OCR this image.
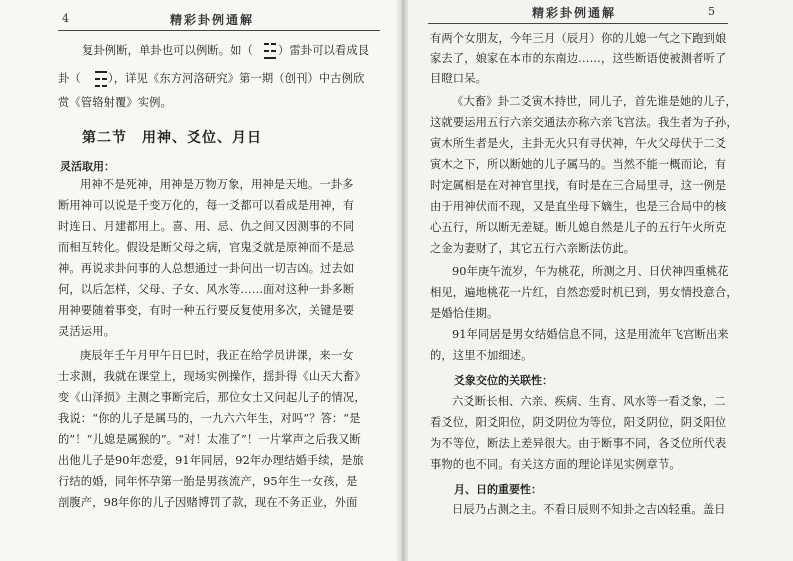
4	精彩卦例通解
复卦例断，单卦也可以例断。如（ ）雷卦可以看成艮
卦（ ），详见《东方河洛研究》第一期（创刊）中古例欣
赏《管辂射覆》实例。
第二节　用神、爻位、月日
灵活取用：
用神不是死神，用神是万物万象，用神是天地。一卦多
断用神可以说是千变万化的，每一爻都可以看成是用神，有
时连日、月建都用上。喜、用、忌、仇之间又因测事的不同
而相互转化。假设是断父母之病，官鬼爻就是原神而不是忌
神。再说求卦问事的人总想通过一卦问出一切吉凶。过去如
何，以后怎样，父母、子女、风水等……面对这种一卦多断
用神要随着事变，有时一种五行要反复使用多次，关键是要
灵活运用。
庚辰年壬午月甲午日巳时，我正在给学员讲课，来一女
士求测，我就在课堂上，现场实例操作，揺卦得《山天大畜》
变《山泽损》主测之事断完后，那位女士又问起儿子的情况，
我说：“你的儿子是属马的，一九六六年生，对吗”？答：“是
的”！“儿媳是属猴的”。“对！太准了”！一片掌声之后我又断
出他儿子是90年恋爱，91年同居，92年办理结婚手续，是旅
行结的婚，同年怀孕第一胎是男孩流产，95年生一女孩，是
剖腹产，98年你的儿子因赌博罚了款，现在不务正业，外面
精彩卦例通解	5
有两个女朋友，今年三月（辰月）你的儿媳一气之下跑到娘
家去了，娘家在本市的东南边……，这些断语使被测者听了
目瞪口呆。
《大畜》卦二爻寅木持世，同儿子，首先谁是她的儿子，
这就要运用五行六亲交通法亦称六亲飞宫法。我生者为子孙，
寅木所生者是火，主卦无火只有寻伏神，午火父母伏于二爻
寅木之下，所以断她的儿子属马的。当然不能一概而论，有
时定属相是在对神官里找，有时是在三合局里寻，这一例是
由于用神伏而不现，又是直坐母下嫡生，也是三合局中的核
心五行，所以断无差疑。断儿媳自然是儿子的五行午火所克
之金为妻财了，其它五行六亲断法仿此。
90年庚午流岁，午为桃花，所测之月、日伏神四重桃花
相见，遍地桃花一片红，自然恋爱时机已到，男女情投意合，
是婚恰佳期。
91年同居是男女结婚信息不同，这是用流年飞宫断出来
的，这里不加细述。
爻象交位的关联性：
六爻断长相、六亲、疾病、生育、风水等一看爻象，二
看爻位，阳爻阳位，阴爻阴位为等位，阳爻阴位，阴爻阳位
为不等位，断法上差异很大。由于断事不同，各爻位所代表
事物的也不同。有关这方面的理论详见实例章节。
月、日的重要性：
日辰乃占测之主。不看日辰则不知卦之吉凶轻重。盖日
